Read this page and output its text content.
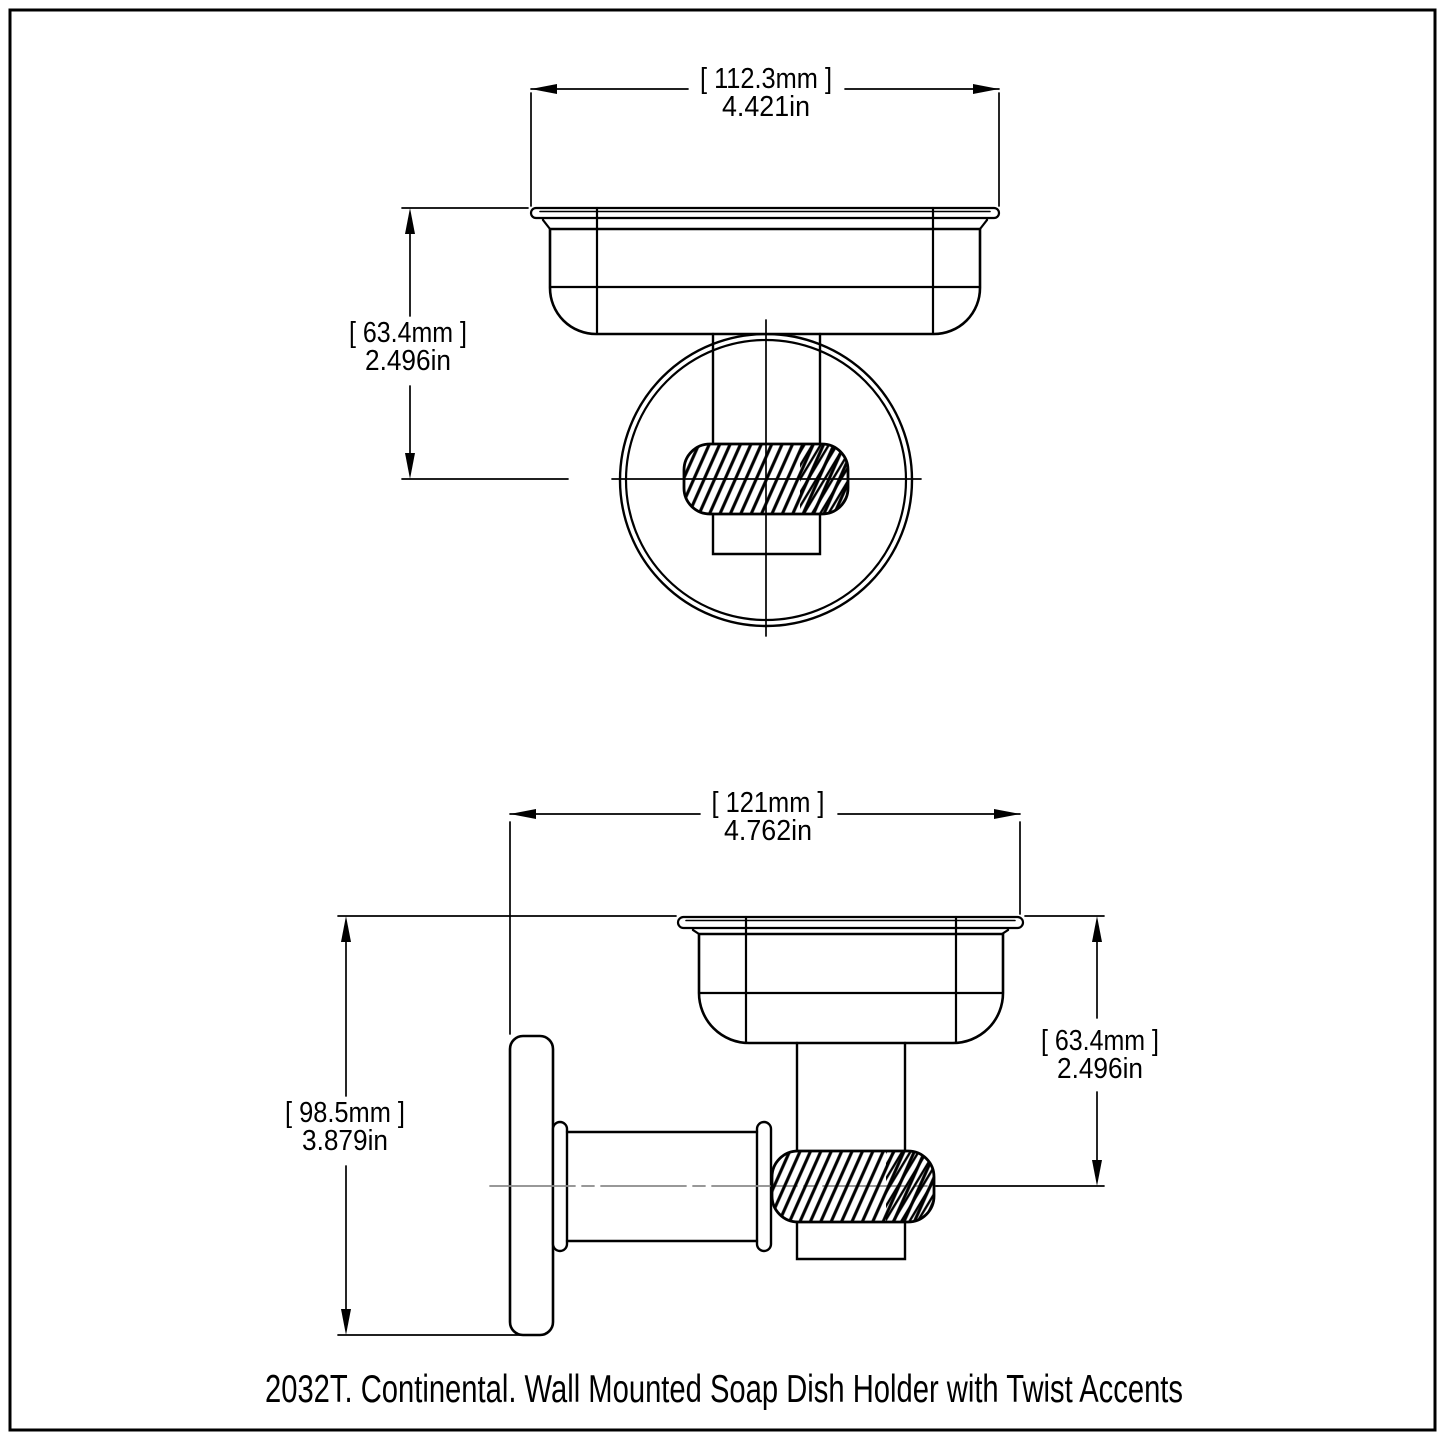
[ 112.3mm ]
4.421in
[ 63.4mm ]
2.496in
[ 121mm ]
4.762in
[ 98.5mm ]
3.879in
[ 63.4mm ]
2.496in
2032T. Continental. Wall Mounted Soap Dish Holder with Twist Accents
